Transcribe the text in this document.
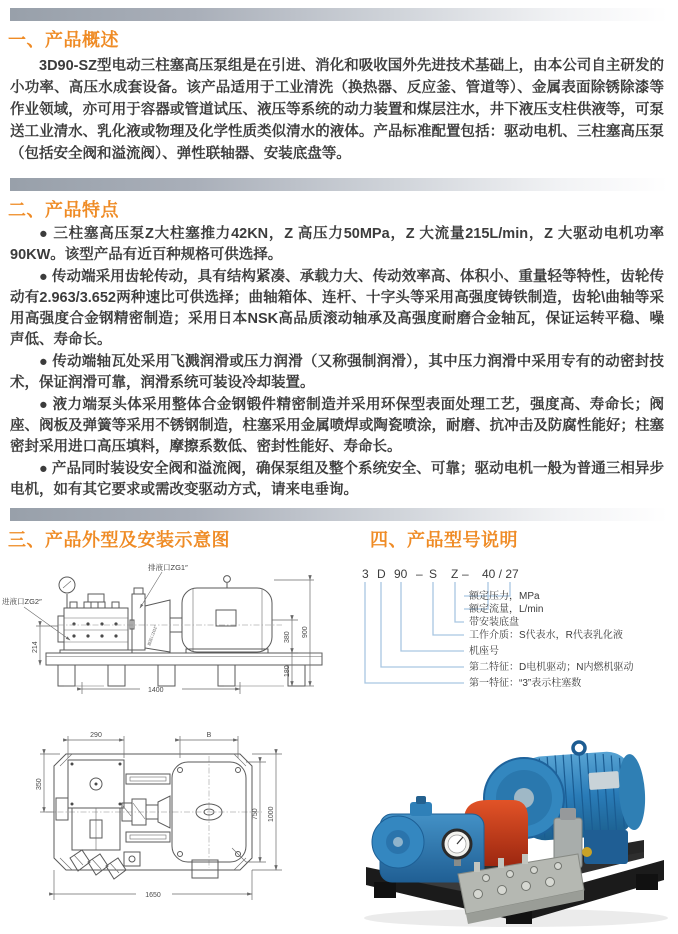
一、产品概述

3D90-SZ型电动三柱塞高压泵组是在引进、消化和吸收国外先进技术基础上，由本公司自主研发的小功率、高压水成套设备。该产品适用于工业清洗（换热器、反应釜、管道等）、金属表面除锈除漆等作业领域，亦可用于容器或管道试压、液压等系统的动力装置和煤层注水，井下液压支柱供液等，可泵送工业清水、乳化液或物理及化学性质类似清水的液体。产品标准配置包括：驱动电机、三柱塞高压泵（包括安全阀和溢流阀）、弹性联轴器、安装底盘等。

二、产品特点

● 三柱塞高压泵Z大柱塞推力42KN，Z 高压力50MPa，Z 大流量215L/min，Z 大驱动电机功率90KW。该型产品有近百种规格可供选择。

● 传动端采用齿轮传动，具有结构紧凑、承载力大、传动效率高、体积小、重量轻等特性，齿轮传动有2.963/3.652两种速比可供选择；曲轴箱体、连杆、十字头等采用高强度铸铁制造，齿轮\曲轴等采用高强度合金钢精密制造；采用日本NSK高品质滚动轴承及高强度耐磨合金轴瓦，保证运转平稳、噪声低、寿命长。

● 传动端轴瓦处采用飞溅润滑或压力润滑（又称强制润滑），其中压力润滑中采用专有的动密封技术，保证润滑可靠，润滑系统可装设冷却装置。

● 液力端泵头体采用整体合金钢锻件精密制造并采用环保型表面处理工艺，强度高、寿命长；阀座、阀板及弹簧等采用不锈钢制造，柱塞采用金属喷焊或陶瓷喷涂，耐磨、抗冲击及防腐性能好；柱塞密封采用进口高压填料，摩擦系数低、密封性能好、寿命长。

● 产品同时装设安全阀和溢流阀，确保泵组及整个系统安全、可靠；驱动电机一般为普通三相异步电机，如有其它要求或需改变驱动方式，请来电垂询。

三、产品外型及安装示意图	四、产品型号说明
排液口ZG1″
进液口ZG2″
溢流口ZG1″
214
1400
380
180
900
3 D 90 – S Z – 40 / 27
额定压力，MPa
额定流量，L/min
带安装底盘
工作介质：S代表水，R代表乳化液
机座号
第二特征：D电机驱动；N内燃机驱动
第一特征：“3”表示柱塞数
290	B
350
750 1000
1650
